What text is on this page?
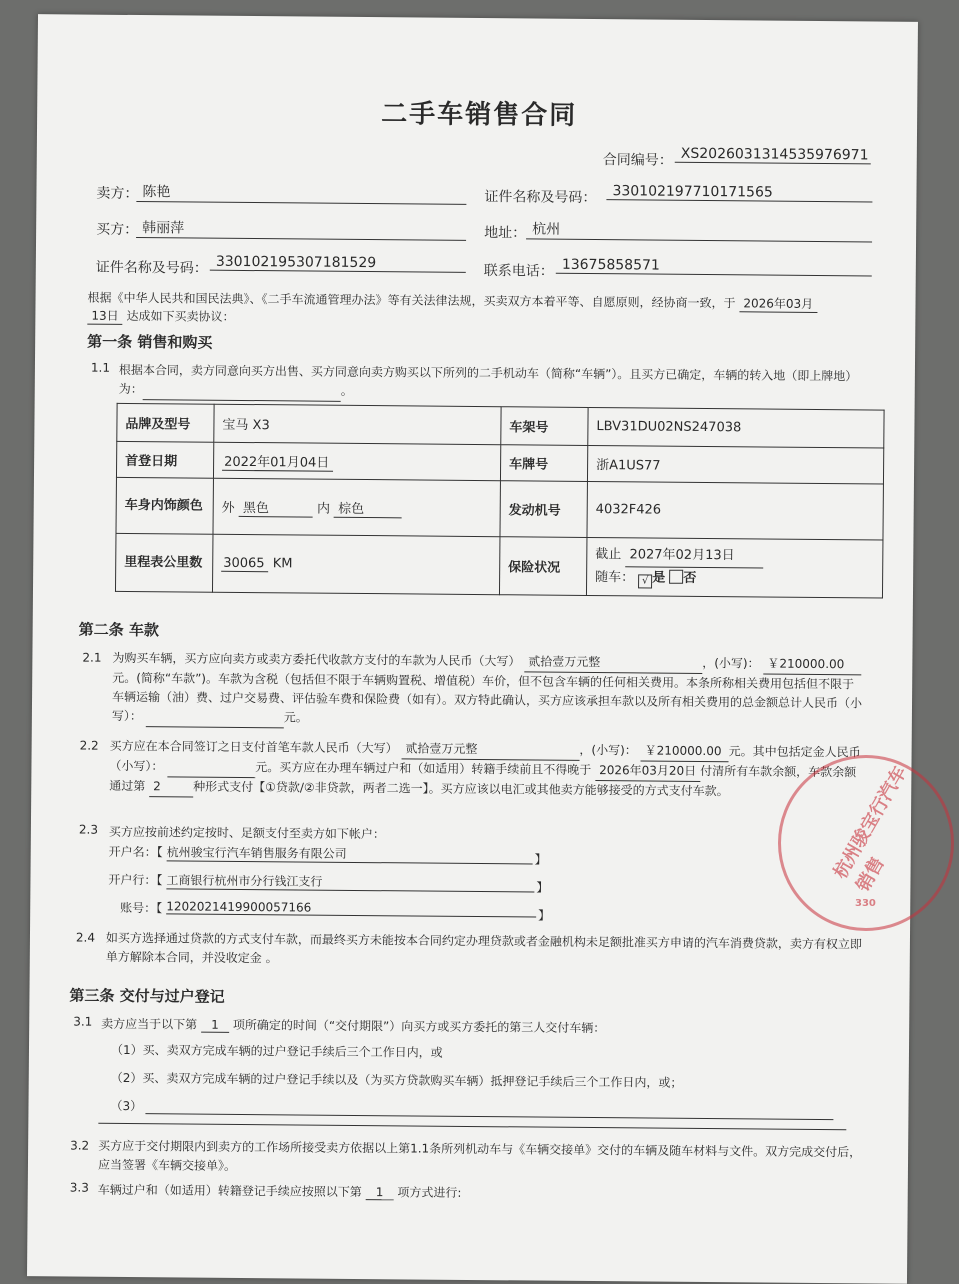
二手车销售合同
合同编号： XS2026031314535976971
卖方： 陈艳	证件名称及号码：	330102197710171565
买方： 韩丽萍	地址： 杭州
证件名称及号码： 330102195307181529
联系电话： 13675858571
根据《中华人民共和国民法典》、《二手车流通管理办法》等有关法律法规，买卖双方本着平等、自愿原则，经协商一致，于 2026年03月
13日 达成如下买卖协议：
第一条 销售和购买
1.1 根据本合同，卖方同意向买方出售、买方同意向卖方购买以下所列的二手机动车（简称“车辆”）。且买方已确定，车辆的转入地（即上牌地）为：	。
品牌及型号	宝马 X3	车架号	LBV31DU02NS247038
首登日期	2022年01月04日	车牌号	浙A1US77
车身内饰颜色	外 黑色 内 棕色	发动机号	4032F426
里程表公里数	30065 KM	保险状况	截止 2027年02月13日
随车： √ 是 否
第二条 车款
2.1 为购买车辆，买方应向卖方或卖方委托代收款方支付的车款为人民币（大写） 贰拾壹万元整	，(小写)： ￥210000.00元。(简称“车款”)。车款为含税（包括但不限于车辆购置税、增值税）车价，但不包含车辆的任何相关费用。本条所称相关费用包括但不限于车辆运输（油）费、过户交易费、评估验车费和保险费（如有）。双方特此确认，买方应该承担车款以及所有相关费用的总金额总计人民币（小写）：	元。
2.2 买方应在本合同签订之日支付首笔车款人民币（大写） 贰拾壹万元整	，(小写)： ￥210000.00 元。其中包括定金人民币（小写）：	元。买方应在办理车辆过户和（如适用）转籍手续前且不得晚于 2026年03月20日 付清所有车款余额，车款余额通过第 2	种形式支付【①贷款/②非贷款，两者二选一】。买方应该以电汇或其他卖方能够接受的方式支付车款。
2.3 买方应按前述约定按时、足额支付至卖方如下帐户：
开户名：【 杭州骏宝行汽车销售服务有限公司	】
开户行：【 工商银行杭州市分行钱江支行	】
账号：【 1202021419900057166
】
2.4 如买方选择通过贷款的方式支付车款，而最终买方未能按本合同约定办理贷款或者金融机构未足额批准买方申请的汽车消费贷款，卖方有权立即单方解除本合同，并没收定金 。
第三条 交付与过户登记
3.1 卖方应当于以下第 1 项所确定的时间（“交付期限”）向买方或买方委托的第三人交付车辆：
（1）买、卖双方完成车辆的过户登记手续后三个工作日内，或
（2）买、卖双方完成车辆的过户登记手续以及（为买方贷款购买车辆）抵押登记手续后三个工作日内，或；
（3）
3.2 买方应于交付期限内到卖方的工作场所接受卖方依据以上第1.1条所列机动车与《车辆交接单》交付的车辆及随车材料与文件。双方完成交付后，应当签署《车辆交接单》。
3.3 车辆过户和（如适用）转籍登记手续应按照以下第 1 项方式进行:
杭州骏宝行汽车销售
330
